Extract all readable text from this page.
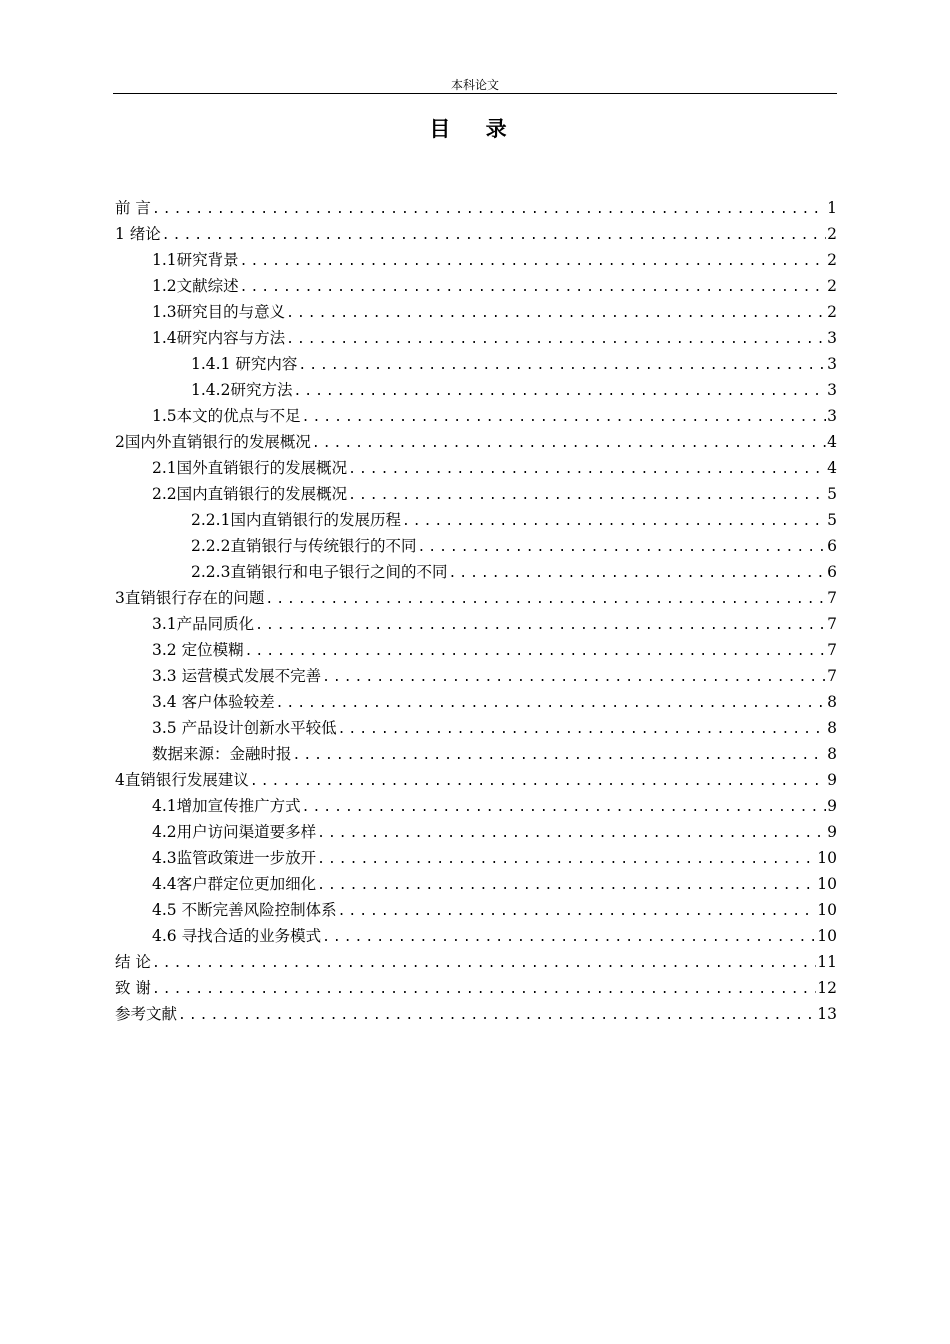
本科论文
目 录
前 言 .....	1
1 绪论 .....	2
1.1研究背景 .....	2
1.2文献综述 .....	2
1.3研究目的与意义 .....	2
1.4研究内容与方法 .....	3
1.4.1 研究内容 .....	3
1.4.2研究方法 .....	3
1.5本文的优点与不足 .....	3
2国内外直销银行的发展概况 .....	4
2.1国外直销银行的发展概况 .....	4
2.2国内直销银行的发展概况 .....	5
2.2.1国内直销银行的发展历程 .....	5
2.2.2直销银行与传统银行的不同 .....	6
2.2.3直销银行和电子银行之间的不同 .....	6
3直销银行存在的问题 .....	7
3.1产品同质化 .....	7
3.2 定位模糊 .....	7
3.3 运营模式发展不完善 .....	7
3.4 客户体验较差 .....	8
3.5 产品设计创新水平较低 .....	8
数据来源：金融时报 .....	8
4直销银行发展建议 .....	9
4.1增加宣传推广方式 .....	9
4.2用户访问渠道要多样 .....	9
4.3监管政策进一步放开 .....	10
4.4客户群定位更加细化 .....	10
4.5 不断完善风险控制体系 .....	10
4.6 寻找合适的业务模式 .....	10
结 论 .....	11
致 谢 .....	12
参考文献 .....	13
